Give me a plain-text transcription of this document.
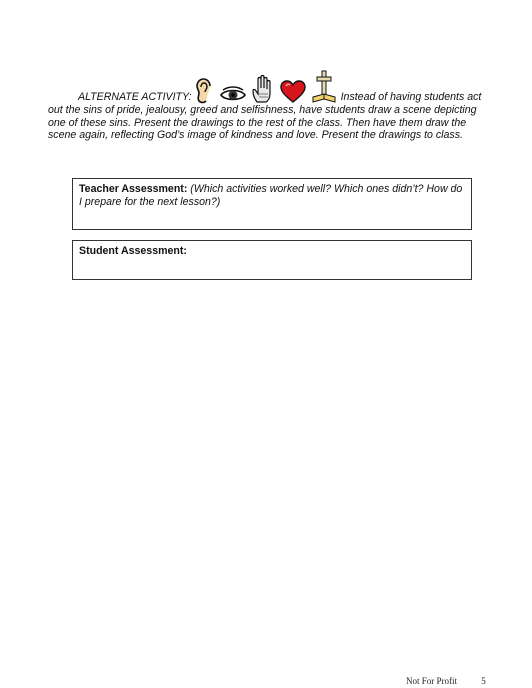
ALTERNATE ACTIVITY:	Instead of having students act
out the sins of pride, jealousy, greed and selfishness, have students draw a scene depicting one of these sins. Present the drawings to the rest of the class. Then have them draw the scene again, reflecting God’s image of kindness and love. Present the drawings to class.
Teacher Assessment: (Which activities worked well? Which ones didn’t? How do I prepare for the next lesson?)
Student Assessment:
Not For Profit	5
